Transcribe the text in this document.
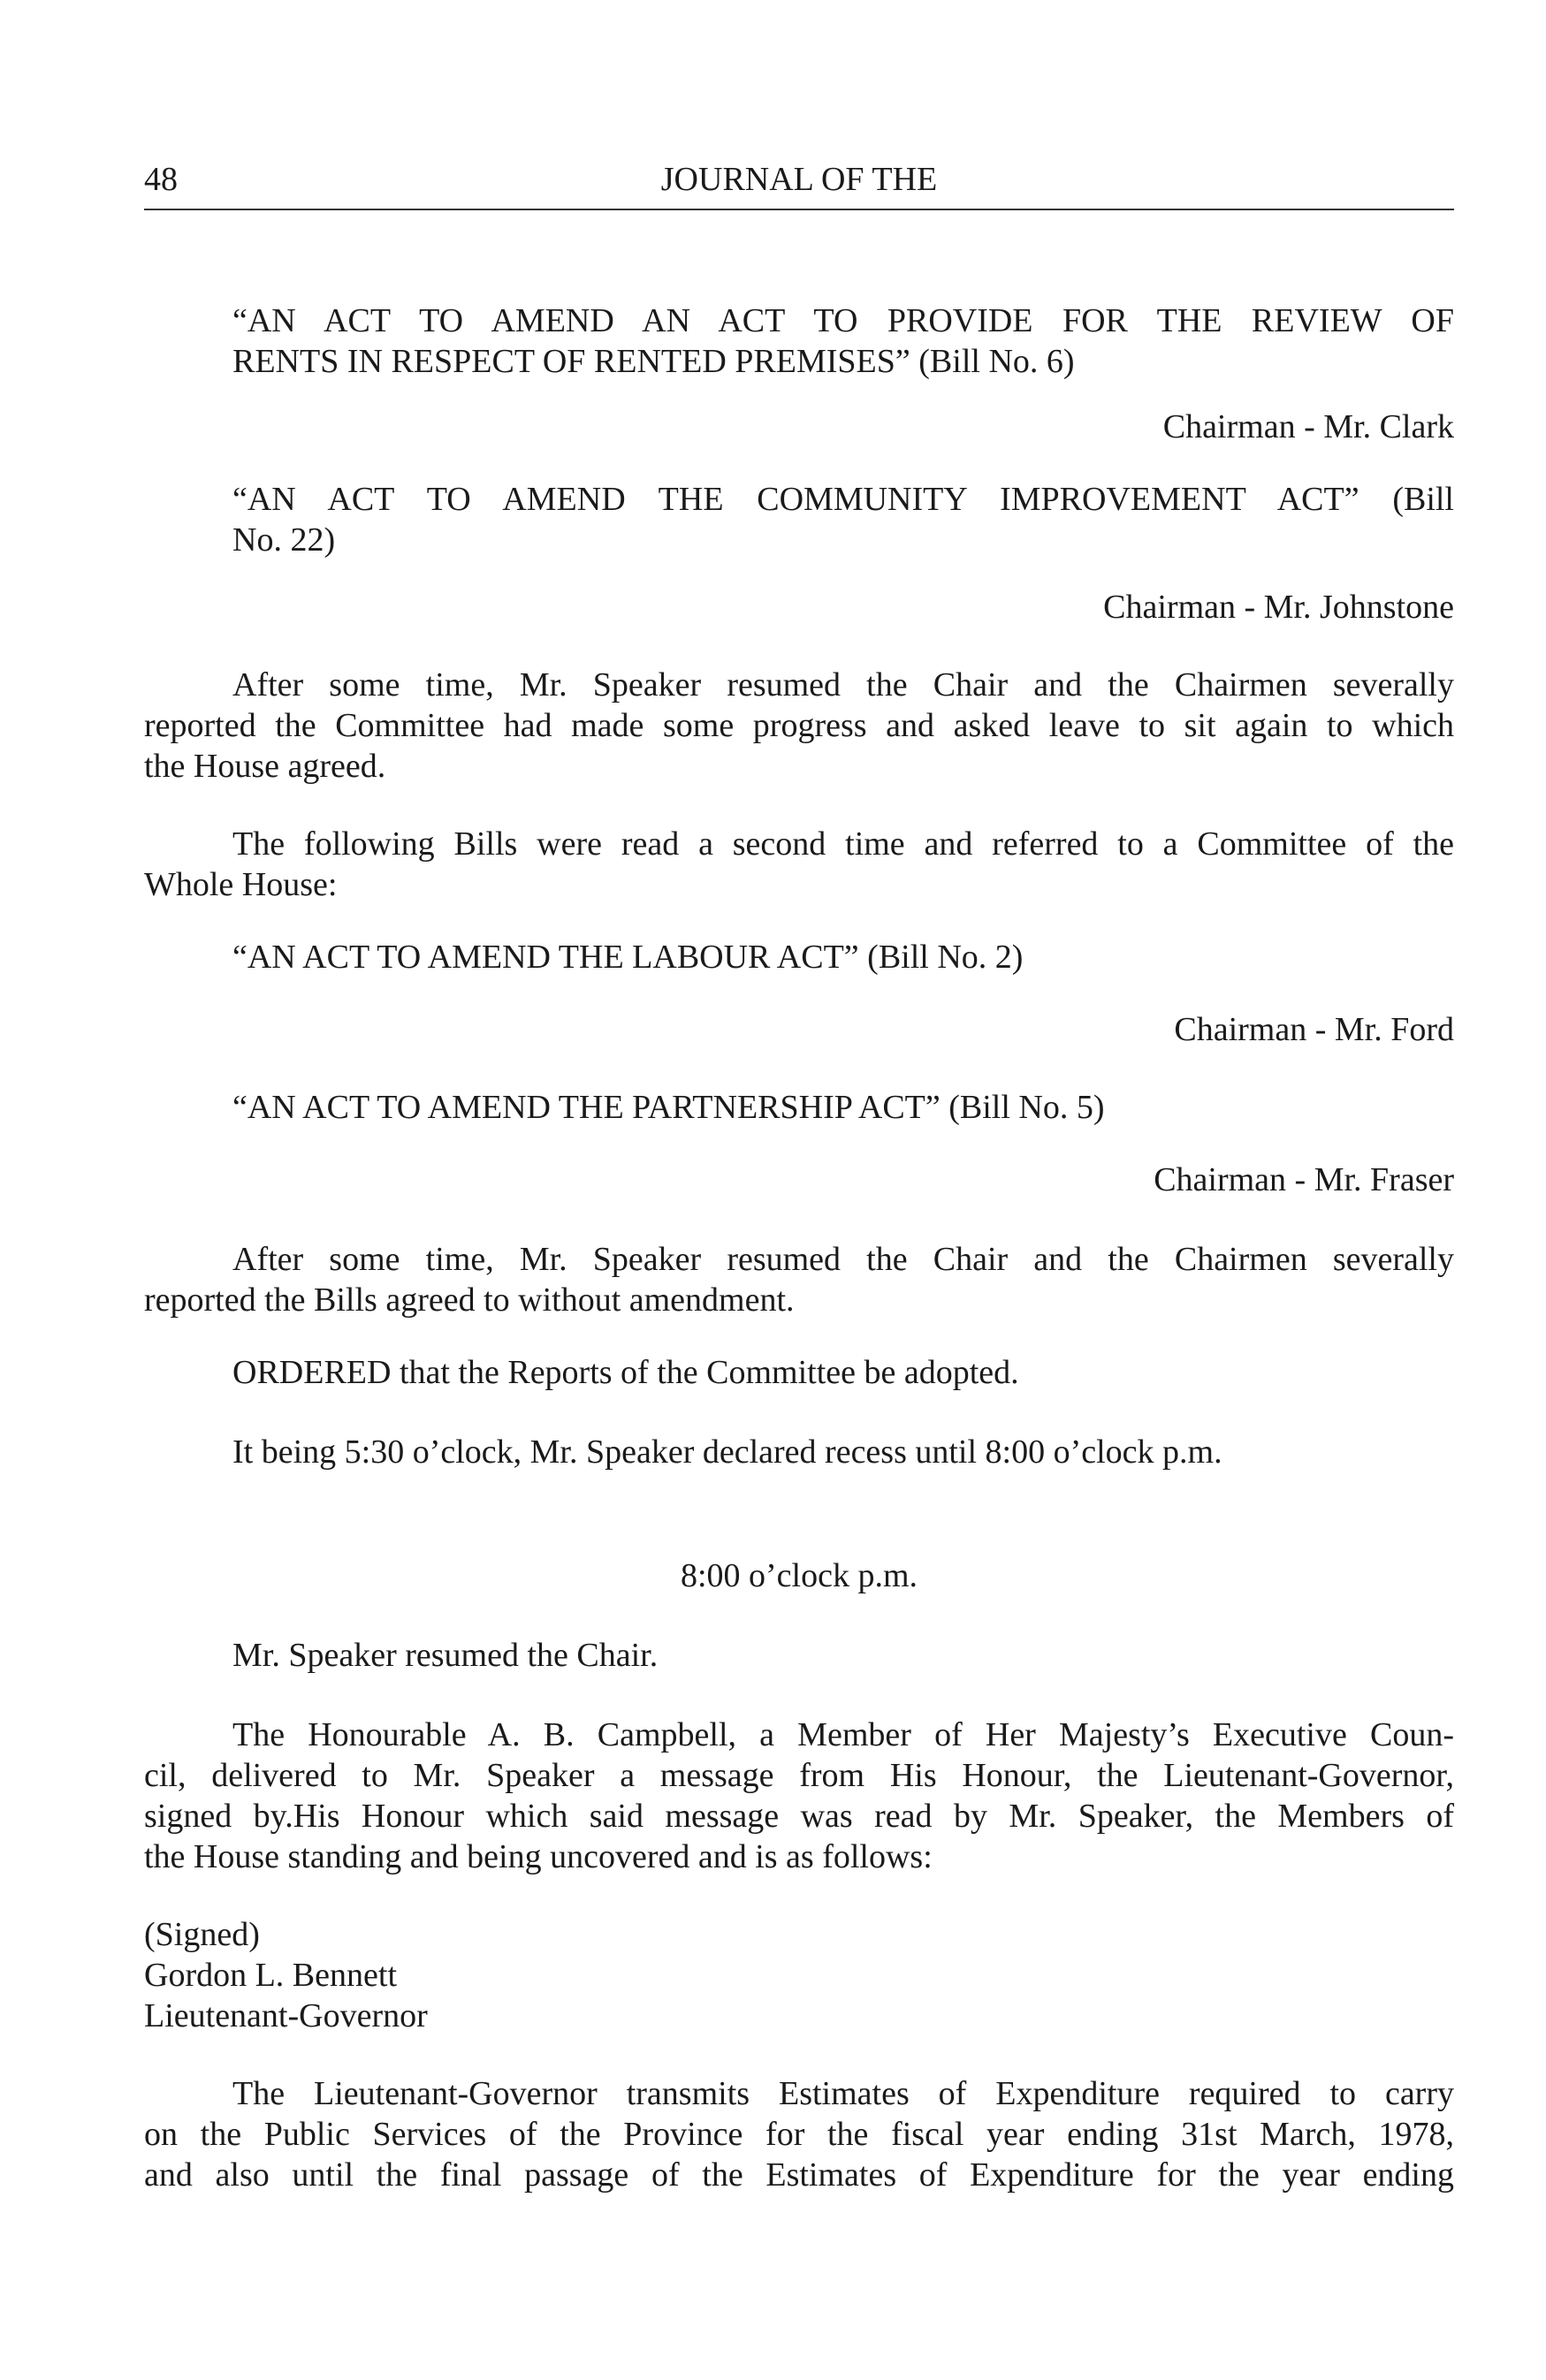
48	JOURNAL OF THE
“AN ACT TO AMEND AN ACT TO PROVIDE FOR THE REVIEW OF
RENTS IN RESPECT OF RENTED PREMISES” (Bill No. 6)
Chairman - Mr. Clark
“AN ACT TO AMEND THE COMMUNITY IMPROVEMENT ACT” (Bill
No. 22)
Chairman - Mr. Johnstone
After some time, Mr. Speaker resumed the Chair and the Chairmen severally
reported the Committee had made some progress and asked leave to sit again to which
the House agreed.
The following Bills were read a second time and referred to a Committee of the
Whole House:
“AN ACT TO AMEND THE LABOUR ACT” (Bill No. 2)
Chairman - Mr. Ford
“AN ACT TO AMEND THE PARTNERSHIP ACT” (Bill No. 5)
Chairman - Mr. Fraser
After some time, Mr. Speaker resumed the Chair and the Chairmen severally
reported the Bills agreed to without amendment.
ORDERED that the Reports of the Committee be adopted.
It being 5:30 o’clock, Mr. Speaker declared recess until 8:00 o’clock p.m.
8:00 o’clock p.m.
Mr. Speaker resumed the Chair.
The Honourable A. B. Campbell, a Member of Her Majesty’s Executive Coun-
cil, delivered to Mr. Speaker a message from His Honour, the Lieutenant-Governor,
signed by.His Honour which said message was read by Mr. Speaker, the Members of
the House standing and being uncovered and is as follows:
(Signed)
Gordon L. Bennett
Lieutenant-Governor
The Lieutenant-Governor transmits Estimates of Expenditure required to carry
on the Public Services of the Province for the fiscal year ending 31st March, 1978,
and also until the final passage of the Estimates of Expenditure for the year ending
